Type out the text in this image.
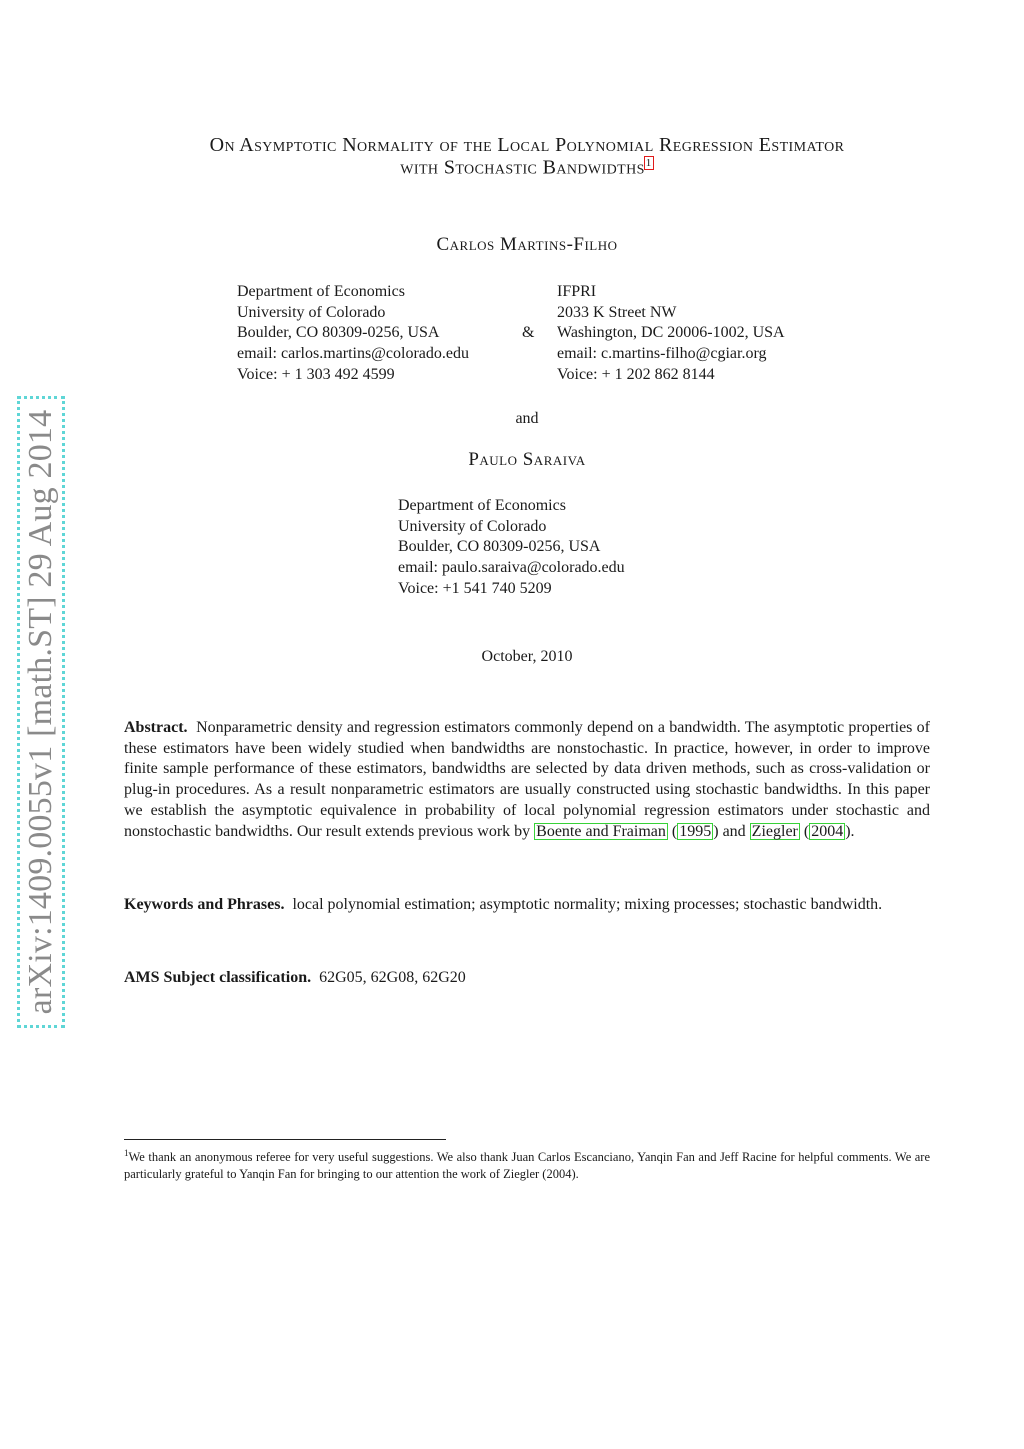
arXiv:1409.0055v1 [math.ST] 29 Aug 2014
On Asymptotic Normality of the Local Polynomial Regression Estimator
with Stochastic Bandwidths1
Carlos Martins-Filho
Department of Economics
University of Colorado
Boulder, CO 80309-0256, USA
email: carlos.martins@colorado.edu
Voice: + 1 303 492 4599
&
IFPRI
2033 K Street NW
Washington, DC 20006-1002, USA
email: c.martins-filho@cgiar.org
Voice: + 1 202 862 8144
and
Paulo Saraiva
Department of Economics
University of Colorado
Boulder, CO 80309-0256, USA
email: paulo.saraiva@colorado.edu
Voice: +1 541 740 5209
October, 2010
Abstract. Nonparametric density and regression estimators commonly depend on a bandwidth. The asymptotic properties of these estimators have been widely studied when bandwidths are nonstochastic. In practice, however, in order to improve finite sample performance of these estimators, bandwidths are selected by data driven methods, such as cross-validation or plug-in procedures. As a result nonparametric estimators are usually constructed using stochastic bandwidths. In this paper we establish the asymptotic equivalence in probability of local polynomial regression estimators under stochastic and nonstochastic bandwidths. Our result extends previous work by Boente and Fraiman ( 1995 ) and Ziegler ( 2004 ).
Keywords and Phrases. local polynomial estimation; asymptotic normality; mixing processes; stochastic bandwidth.
AMS Subject classification. 62G05, 62G08, 62G20
$^1$We thank an anonymous referee for very useful suggestions. We also thank Juan Carlos Escanciano, Yanqin Fan and Jeff Racine for helpful comments. We are particularly grateful to Yanqin Fan for bringing to our attention the work of Ziegler (2004).
